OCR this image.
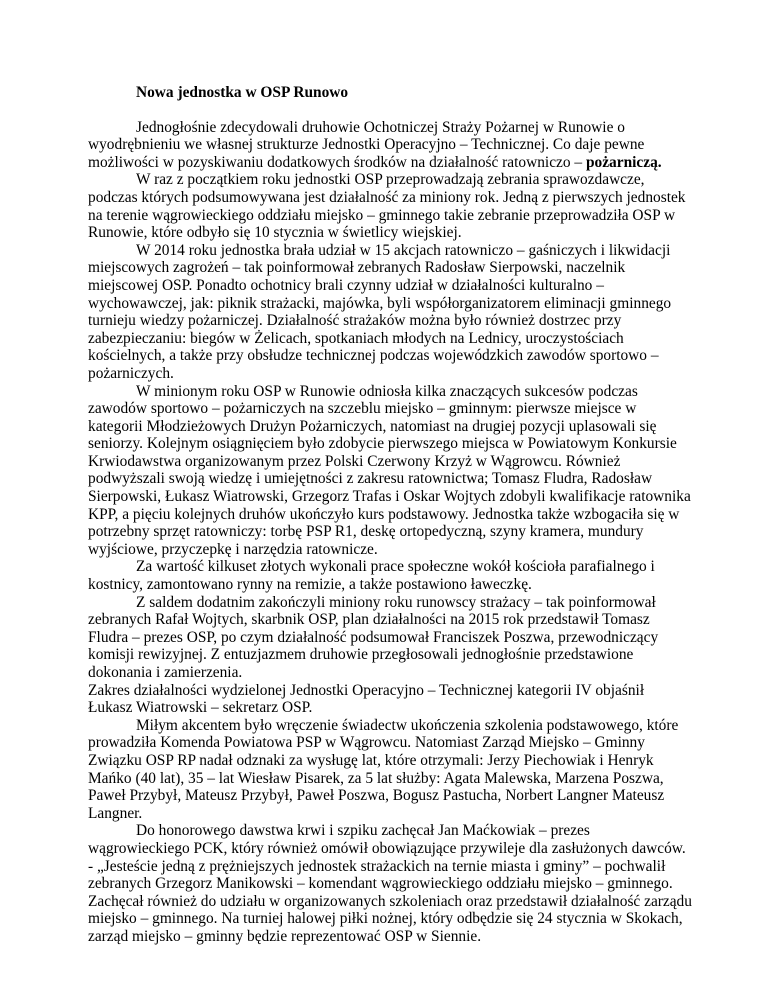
Nowa jednostka w OSP Runowo

Jednogłośnie zdecydowali druhowie Ochotniczej Straży Pożarnej w Runowie o wyodrębnieniu we własnej strukturze Jednostki Operacyjno – Technicznej. Co daje pewne możliwości w pozyskiwaniu dodatkowych środków na działalność ratowniczo – pożarniczą.

W raz z początkiem roku jednostki OSP przeprowadzają zebrania sprawozdawcze, podczas których podsumowywana jest działalność za miniony rok. Jedną z pierwszych jednostek na terenie wągrowieckiego oddziału miejsko – gminnego takie zebranie przeprowadziła OSP w Runowie, które odbyło się 10 stycznia w świetlicy wiejskiej.

W 2014 roku jednostka brała udział w 15 akcjach ratowniczo – gaśniczych i likwidacji miejscowych zagrożeń – tak poinformował zebranych Radosław Sierpowski, naczelnik miejscowej OSP. Ponadto ochotnicy brali czynny udział w działalności kulturalno – wychowawczej, jak: piknik strażacki, majówka, byli współorganizatorem eliminacji gminnego turnieju wiedzy pożarniczej. Działalność strażaków można było również dostrzec przy zabezpieczaniu: biegów w Żelicach, spotkaniach młodych na Lednicy, uroczystościach kościelnych, a także przy obsłudze technicznej podczas wojewódzkich zawodów sportowo – pożarniczych.

W minionym roku OSP w Runowie odniosła kilka znaczących sukcesów podczas zawodów sportowo – pożarniczych na szczeblu miejsko – gminnym: pierwsze miejsce w kategorii Młodzieżowych Drużyn Pożarniczych, natomiast na drugiej pozycji uplasowali się seniorzy. Kolejnym osiągnięciem było zdobycie pierwszego miejsca w Powiatowym Konkursie Krwiodawstwa organizowanym przez Polski Czerwony Krzyż w Wągrowcu. Również podwyższali swoją wiedzę i umiejętności z zakresu ratownictwa; Tomasz Fludra, Radosław Sierpowski, Łukasz Wiatrowski, Grzegorz Trafas i Oskar Wojtych zdobyli kwalifikacje ratownika KPP, a pięciu kolejnych druhów ukończyło kurs podstawowy. Jednostka także wzbogaciła się w potrzebny sprzęt ratowniczy: torbę PSP R1, deskę ortopedyczną, szyny kramera, mundury wyjściowe, przyczepkę i narzędzia ratownicze.

Za wartość kilkuset złotych wykonali prace społeczne wokół kościoła parafialnego i kostnicy, zamontowano rynny na remizie, a także postawiono ławeczkę.

Z saldem dodatnim zakończyli miniony roku runowscy strażacy – tak poinformował zebranych Rafał Wojtych, skarbnik OSP, plan działalności na 2015 rok przedstawił Tomasz Fludra – prezes OSP, po czym działalność podsumował Franciszek Poszwa, przewodniczący komisji rewizyjnej. Z entuzjazmem druhowie przegłosowali jednogłośnie przedstawione dokonania i zamierzenia.

Zakres działalności wydzielonej Jednostki Operacyjno – Technicznej kategorii IV objaśnił Łukasz Wiatrowski – sekretarz OSP.

Miłym akcentem było wręczenie świadectw ukończenia szkolenia podstawowego, które prowadziła Komenda Powiatowa PSP w Wągrowcu. Natomiast Zarząd Miejsko – Gminny Związku OSP RP nadał odznaki za wysługę lat, które otrzymali: Jerzy Piechowiak i Henryk Mańko (40 lat), 35 – lat Wiesław Pisarek, za 5 lat służby: Agata Malewska, Marzena Poszwa, Paweł Przybył, Mateusz Przybył, Paweł Poszwa, Bogusz Pastucha, Norbert Langner Mateusz Langner.

Do honorowego dawstwa krwi i szpiku zachęcał Jan Maćkowiak – prezes wągrowieckiego PCK, który również omówił obowiązujące przywileje dla zasłużonych dawców.

- „Jesteście jedną z prężniejszych jednostek strażackich na ternie miasta i gminy” – pochwalił zebranych Grzegorz Manikowski – komendant wągrowieckiego oddziału miejsko – gminnego. Zachęcał również do udziału w organizowanych szkoleniach oraz przedstawił działalność zarządu miejsko – gminnego. Na turniej halowej piłki nożnej, który odbędzie się 24 stycznia w Skokach, zarząd miejsko – gminny będzie reprezentować OSP w Siennie.
